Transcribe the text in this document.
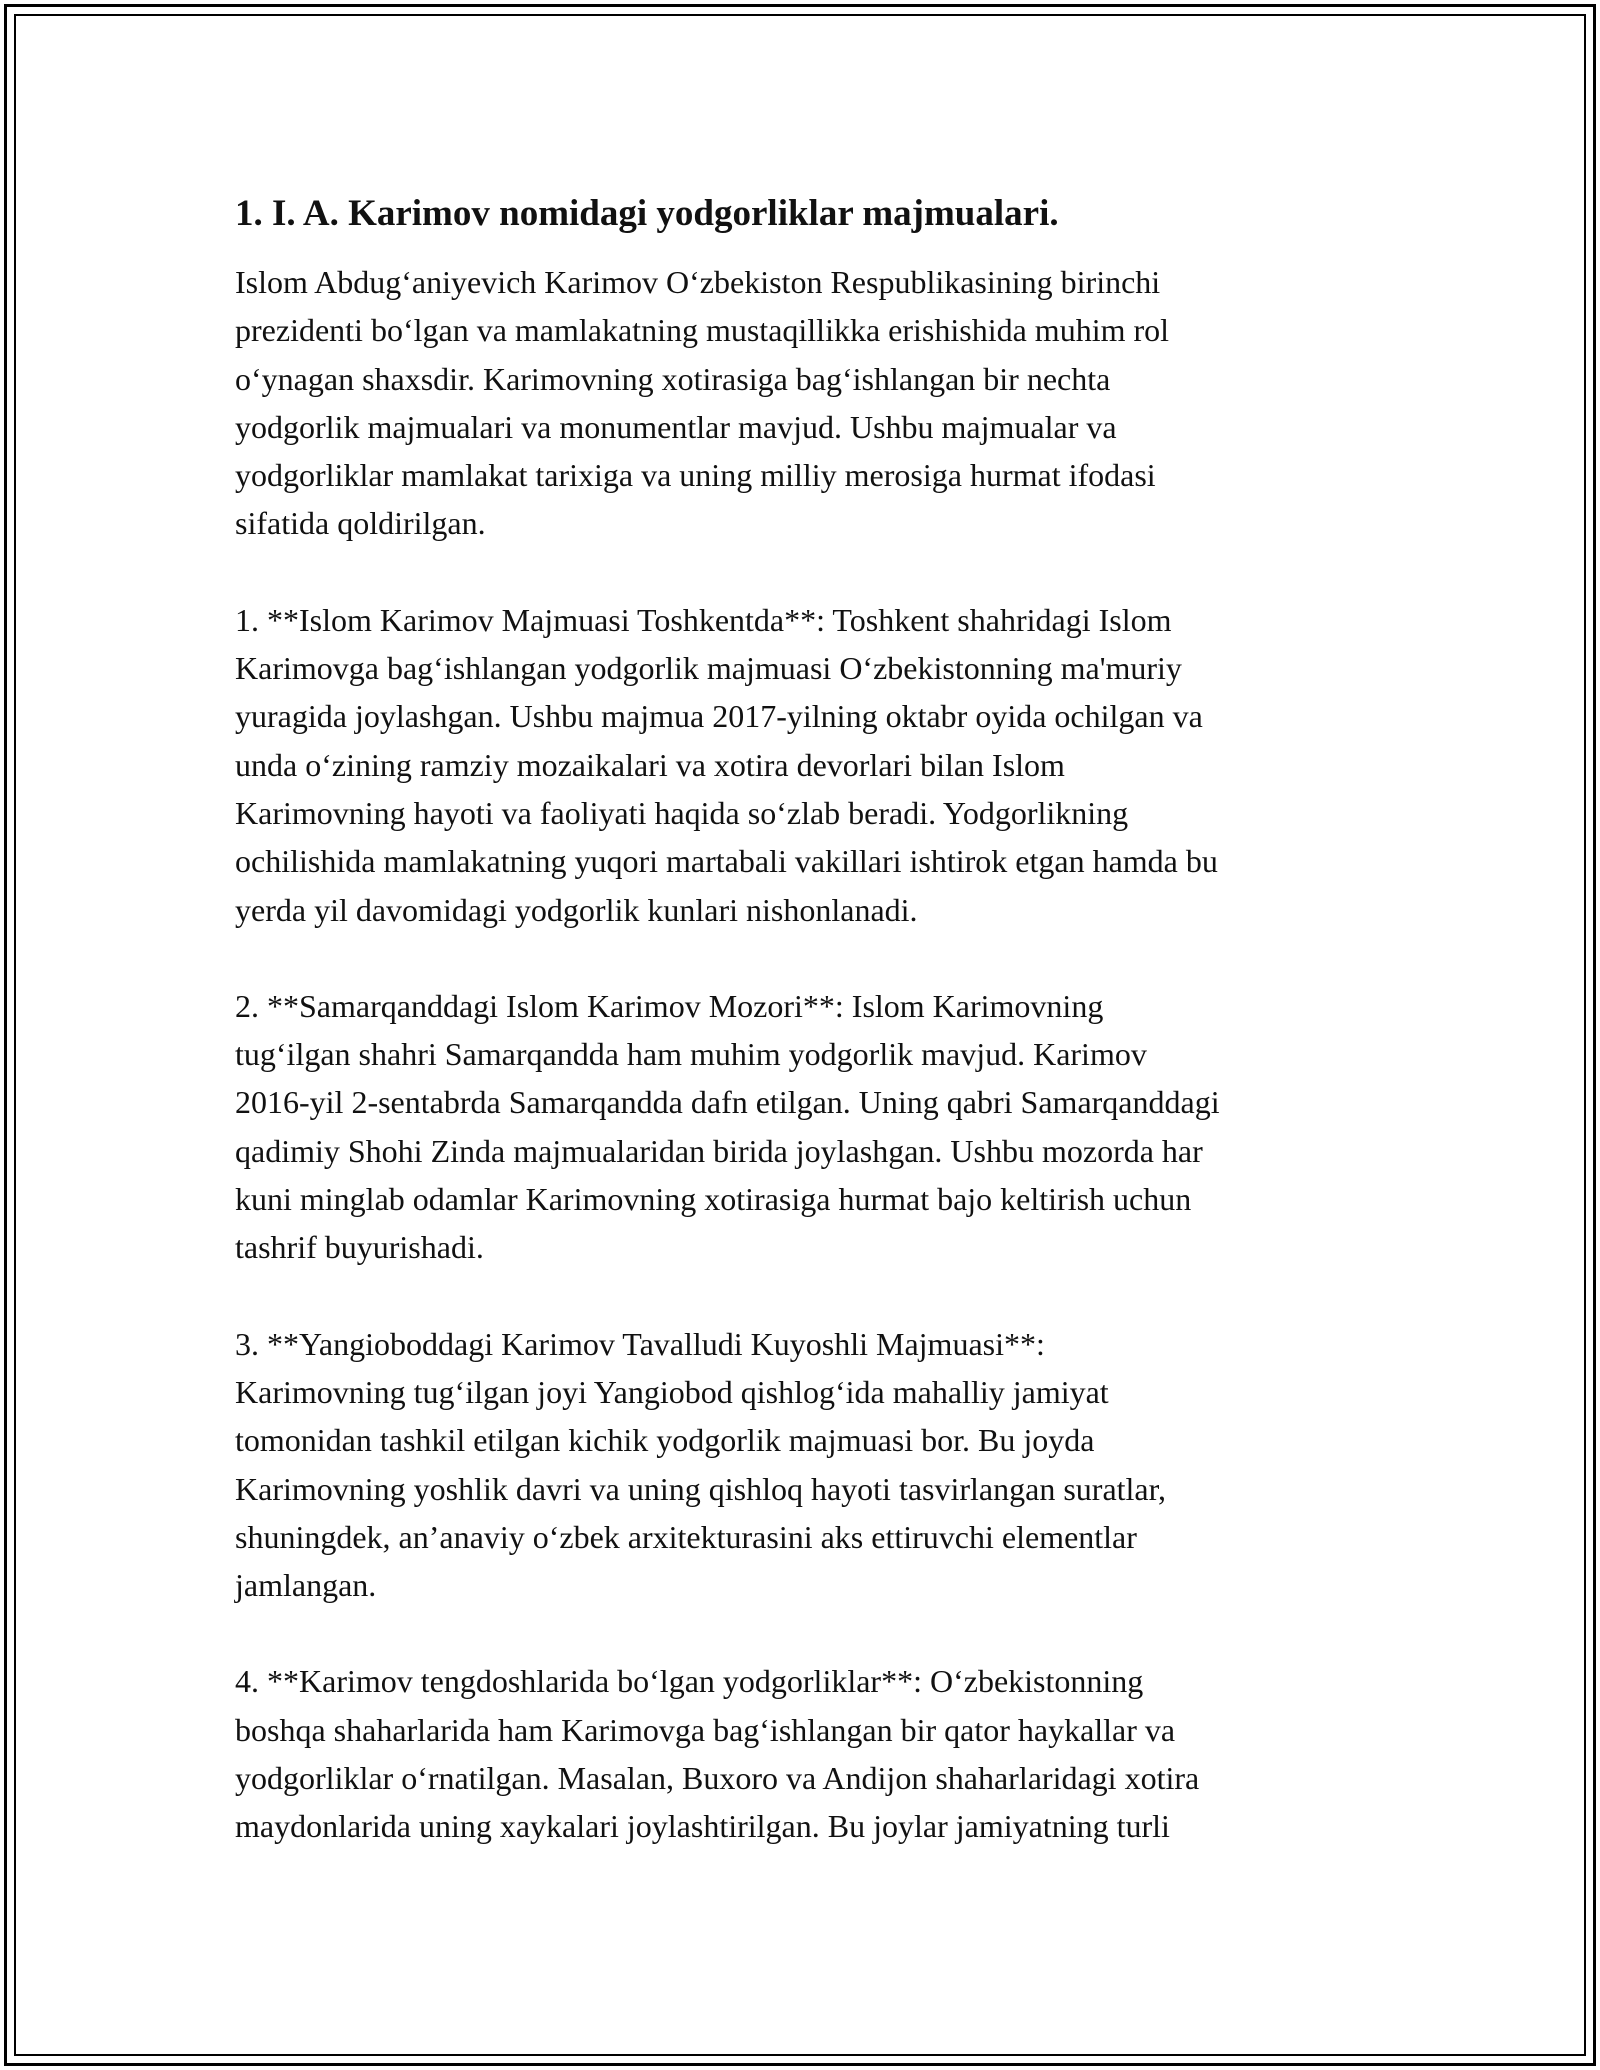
1. I. A. Karimov nomidagi yodgorliklar majmualari.

Islom Abdug‘aniyevich Karimov O‘zbekiston Respublikasining birinchi
prezidenti bo‘lgan va mamlakatning mustaqillikka erishishida muhim rol
o‘ynagan shaxsdir. Karimovning xotirasiga bag‘ishlangan bir nechta
yodgorlik majmualari va monumentlar mavjud. Ushbu majmualar va
yodgorliklar mamlakat tarixiga va uning milliy merosiga hurmat ifodasi
sifatida qoldirilgan.

1. **Islom Karimov Majmuasi Toshkentda**: Toshkent shahridagi Islom
Karimovga bag‘ishlangan yodgorlik majmuasi O‘zbekistonning ma'muriy
yuragida joylashgan. Ushbu majmua 2017-yilning oktabr oyida ochilgan va
unda o‘zining ramziy mozaikalari va xotira devorlari bilan Islom
Karimovning hayoti va faoliyati haqida so‘zlab beradi. Yodgorlikning
ochilishida mamlakatning yuqori martabali vakillari ishtirok etgan hamda bu
yerda yil davomidagi yodgorlik kunlari nishonlanadi.

2. **Samarqanddagi Islom Karimov Mozori**: Islom Karimovning
tug‘ilgan shahri Samarqandda ham muhim yodgorlik mavjud. Karimov
2016-yil 2-sentabrda Samarqandda dafn etilgan. Uning qabri Samarqanddagi
qadimiy Shohi Zinda majmualaridan birida joylashgan. Ushbu mozorda har
kuni minglab odamlar Karimovning xotirasiga hurmat bajo keltirish uchun
tashrif buyurishadi.

3. **Yangioboddagi Karimov Tavalludi Kuyoshli Majmuasi**:
Karimovning tug‘ilgan joyi Yangiobod qishlog‘ida mahalliy jamiyat
tomonidan tashkil etilgan kichik yodgorlik majmuasi bor. Bu joyda
Karimovning yoshlik davri va uning qishloq hayoti tasvirlangan suratlar,
shuningdek, an’anaviy o‘zbek arxitekturasini aks ettiruvchi elementlar
jamlangan.

4. **Karimov tengdoshlarida bo‘lgan yodgorliklar**: O‘zbekistonning
boshqa shaharlarida ham Karimovga bag‘ishlangan bir qator haykallar va
yodgorliklar o‘rnatilgan. Masalan, Buxoro va Andijon shaharlaridagi xotira
maydonlarida uning xaykalari joylashtirilgan. Bu joylar jamiyatning turli
